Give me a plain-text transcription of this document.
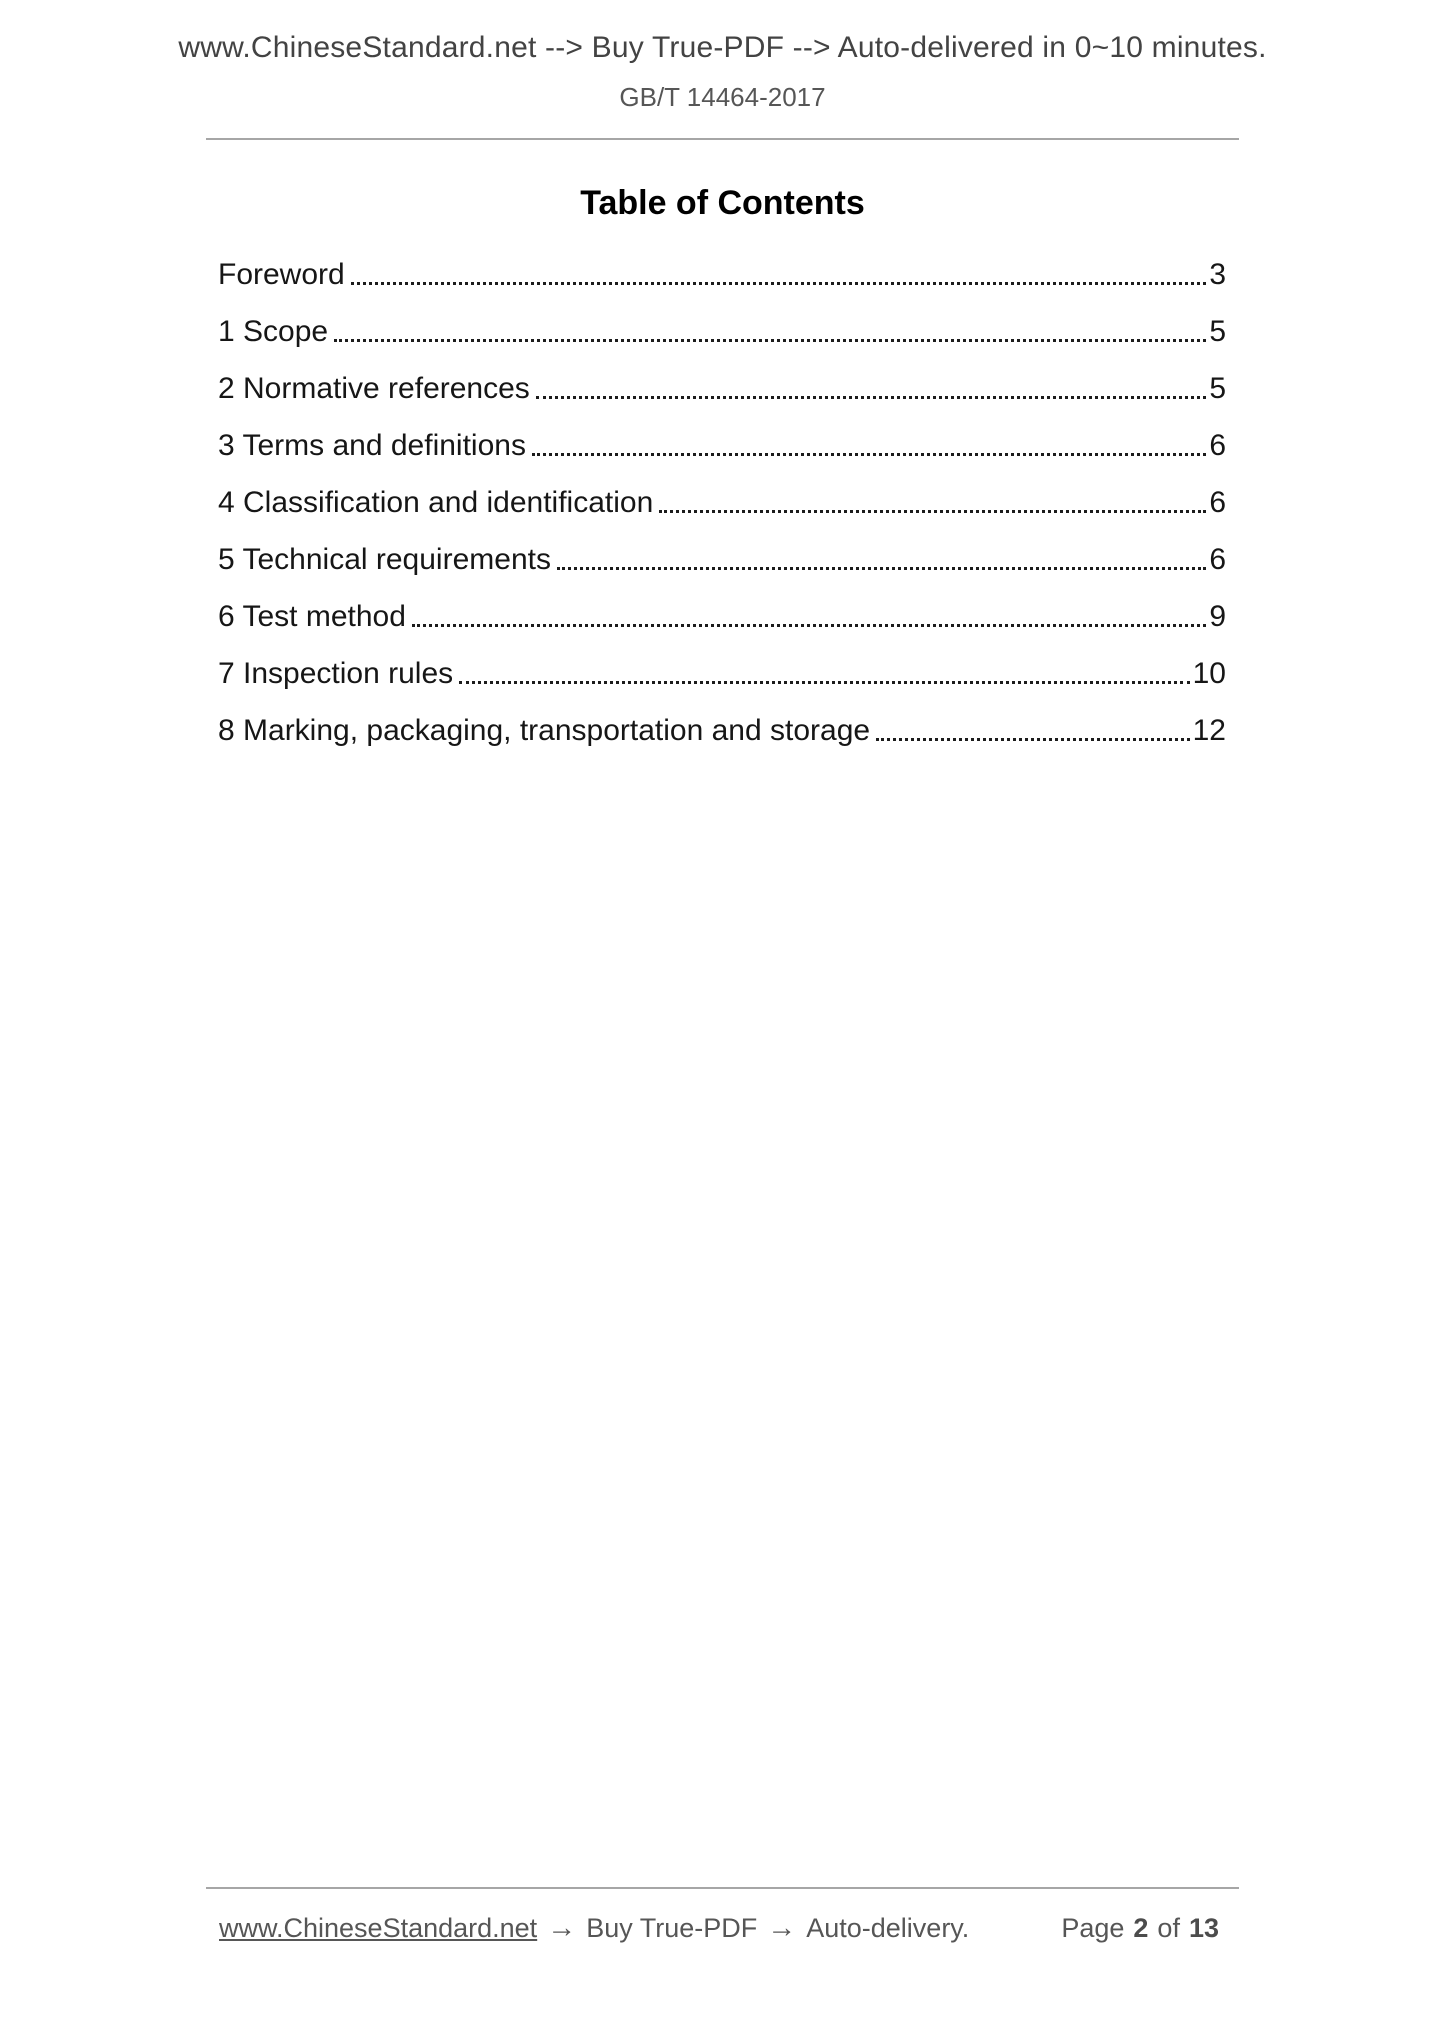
www.ChineseStandard.net --> Buy True-PDF --> Auto-delivered in 0~10 minutes.
GB/T 14464-2017
Table of Contents
Foreword	3
1 Scope	5
2 Normative references	5
3 Terms and definitions	6
4 Classification and identification	6
5 Technical requirements	6
6 Test method	9
7 Inspection rules	10
8 Marking, packaging, transportation and storage	12
www.ChineseStandard.net → Buy True-PDF → Auto-delivery.	Page 2 of 13
